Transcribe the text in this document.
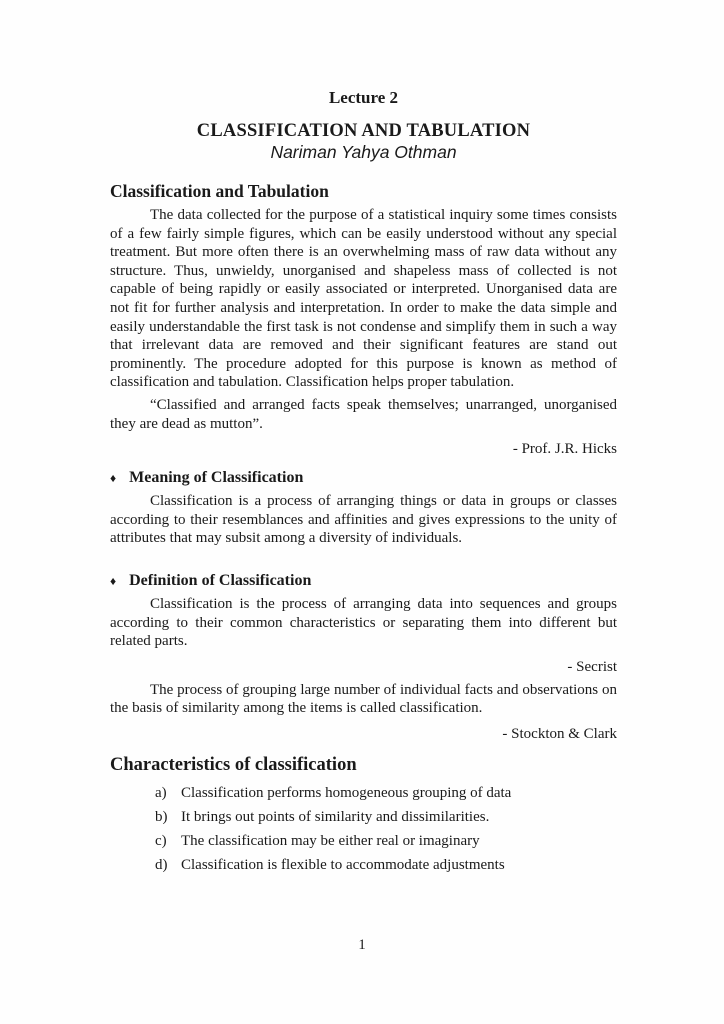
Lecture 2
CLASSIFICATION AND TABULATION
Nariman Yahya Othman
Classification and Tabulation

The data collected for the purpose of a statistical inquiry some times consists of a few fairly simple figures, which can be easily understood without any special treatment. But more often there is an overwhelming mass of raw data without any structure. Thus, unwieldy, unorganised and shapeless mass of collected is not capable of being rapidly or easily associated or interpreted. Unorganised data are not fit for further analysis and interpretation. In order to make the data simple and easily understandable the first task is not condense and simplify them in such a way that irrelevant data are removed and their significant features are stand out prominently. The procedure adopted for this purpose is known as method of classification and tabulation. Classification helps proper tabulation.

“Classified and arranged facts speak themselves; unarranged, unorganised they are dead as mutton”.

- Prof. J.R. Hicks

♦ Meaning of Classification

Classification is a process of arranging things or data in groups or classes according to their resemblances and affinities and gives expressions to the unity of attributes that may subsit among a diversity of individuals.

♦ Definition of Classification

Classification is the process of arranging data into sequences and groups according to their common characteristics or separating them into different but related parts.

- Secrist

The process of grouping large number of individual facts and observations on the basis of similarity among the items is called classification.

- Stockton & Clark

Characteristics of classification
a) Classification performs homogeneous grouping of data
b) It brings out points of similarity and dissimilarities.
c) The classification may be either real or imaginary
d) Classification is flexible to accommodate adjustments
1
